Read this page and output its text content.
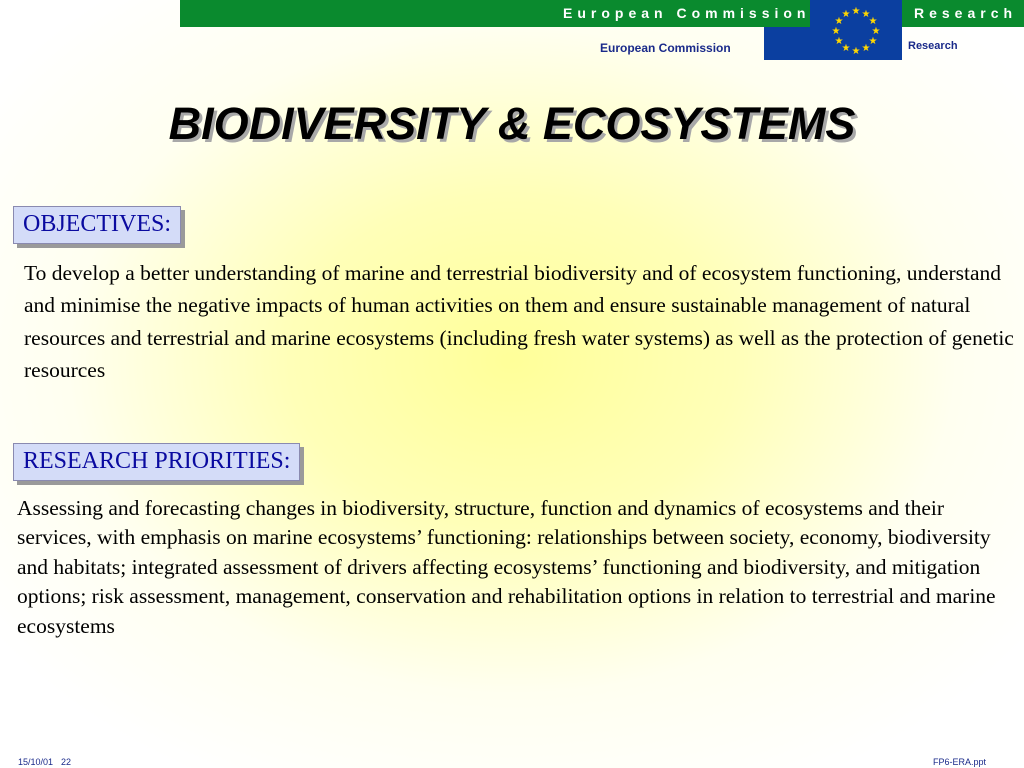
European Commission	Research
★ ★
★
★
★
★
★
★
★
★
★
★
European Commission	Research
BIODIVERSITY & ECOSYSTEMS
OBJECTIVES:

To develop a better understanding of marine and terrestrial biodiversity and of ecosystem functioning, understand and minimise the negative impacts of human activities on them and ensure sustainable management of natural resources and terrestrial and marine ecosystems (including fresh water systems) as well as the protection of genetic resources

RESEARCH PRIORITIES:

Assessing and forecasting changes in biodiversity, structure, function and dynamics of ecosystems and their services, with emphasis on marine ecosystems’ functioning: relationships between society, economy, biodiversity and habitats; integrated assessment of drivers affecting ecosystems’ functioning and biodiversity, and mitigation options; risk assessment, management, conservation and rehabilitation options in relation to terrestrial and marine ecosystems

15/10/01 22	FP6-ERA.ppt
